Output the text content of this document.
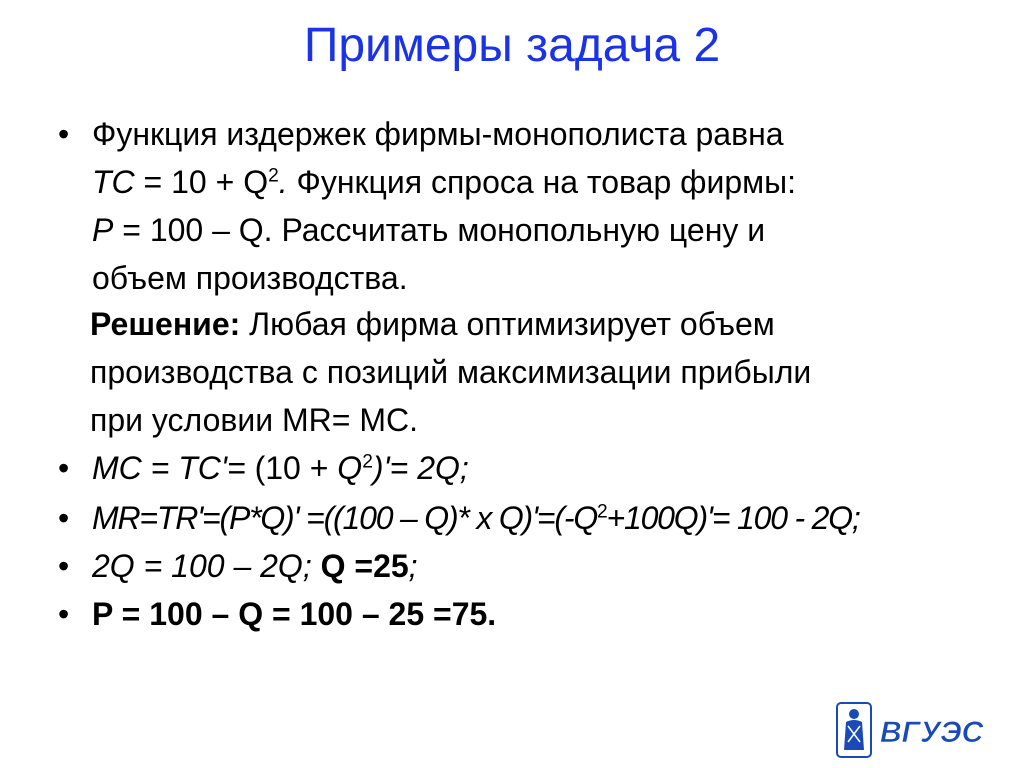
Примеры задача 2
• Функция издержек фирмы-монополиста равна
TC = $10 + Q^2$. Функция спроса на товар фирмы:
P = 100 – Q. Рассчитать монопольную цену и
объем производства.
Решение: Любая фирма оптимизирует объем
производства с позиций максимизации прибыли
при условии MR= MC.
• MC = $TC'= (10 + Q^2)'= 2Q$;
• MR=TR'=(P*Q)' =((100 – Q)* x $Q)'=(-Q^2+100Q)'= 100 - 2Q$;
• 2Q = 100 – 2Q; Q =25;
• P = 100 – Q = 100 – 25 =75.
ВГУЭС
